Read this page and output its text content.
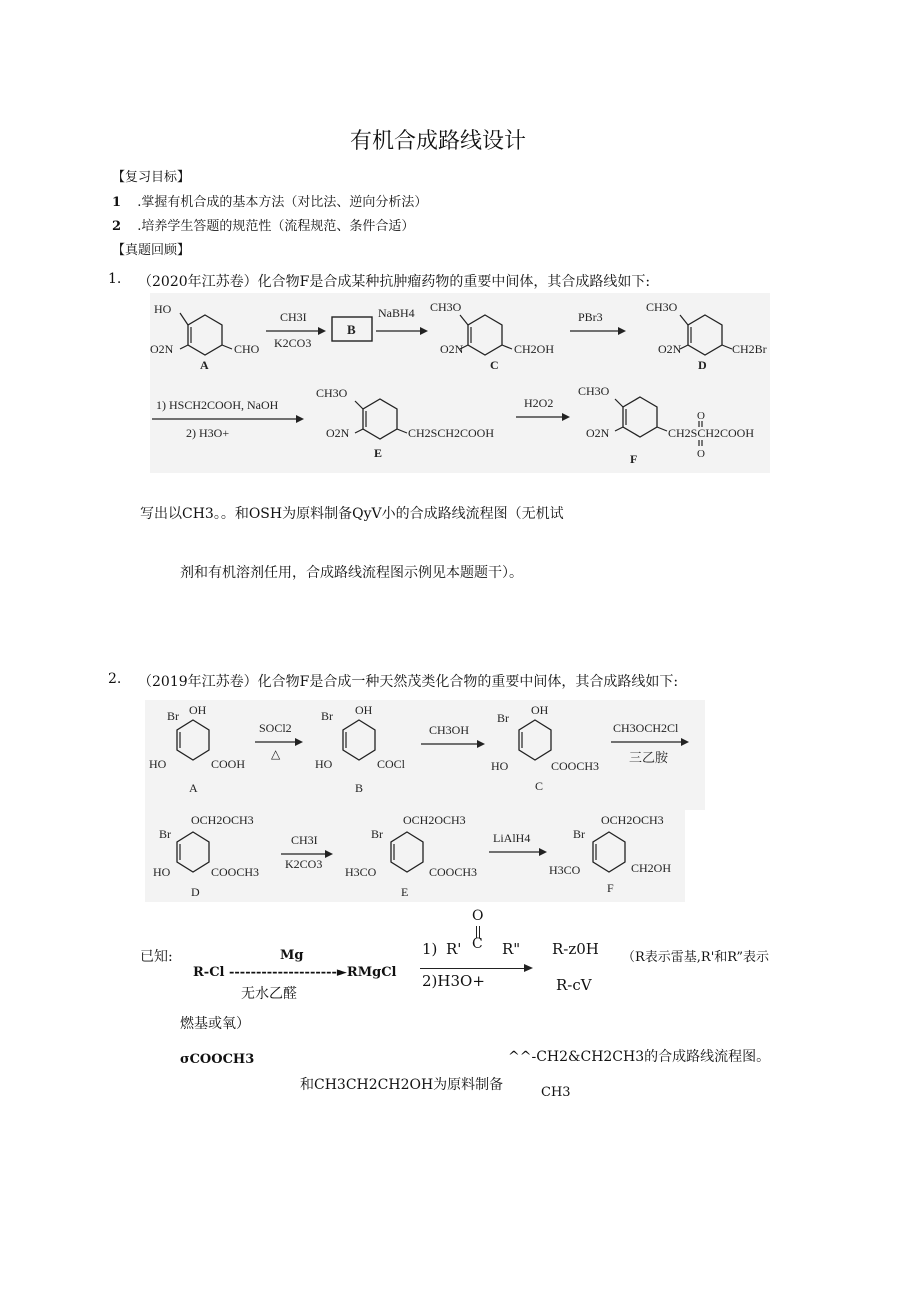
有机合成路线设计
【复习目标】
1 .掌握有机合成的基本方法（对比法、逆向分析法）
2 .培养学生答题的规范性（流程规范、条件合适）
【真题回顾】
1. （2020年江苏卷）化合物F是合成某种抗肿瘤药物的重要中间体，其合成路线如下:
HO
O2N	CHO
A
CH3I
K2CO3
B
NaBH4 CH3O
O2N	CH2OH
C
PBr3
CH3O
O2N	CH2Br
D
1) HSCH2COOH, NaOH
2) H3O+
CH3O
O2N	CH2SCH2COOH
E
H2O2
CH3O
O2N	CH2SCH2COOH
O
O
F
写出以CH3。。和OSH为原料制备QyV小的合成路线流程图（无机试
剂和有机溶剂任用，合成路线流程图示例见本题题干）。
2. （2019年江苏卷）化合物F是合成一种天然茂类化合物的重要中间体，其合成路线如下:
Br OH
HO	COOH
A
SOCl2
△
Br OH
HO	COCl
B
CH3OH
Br
OH
HO	COOCH3
C
CH3OCH2Cl
三乙胺
Br
OCH2OCH3
HO	COOCH3
D
CH3I
K2CO3
Br
OCH2OCH3
H3CO	COOCH3
E
LiAlH4	Br
OCH2OCH3
H3CO	CH2OH
F
已知:	Mg
R-Cl --------------------►RMgCl
无水乙醛
1)
O
R' C R"
2)H3O+
R-z0H
R-cV
（R表示雷基,R'和R”表示
燃基或氧）
σCOOCH3	^^-CH2&CH2CH3的合成路线流程图。
和CH3CH2CH2OH为原料制备	CH3
